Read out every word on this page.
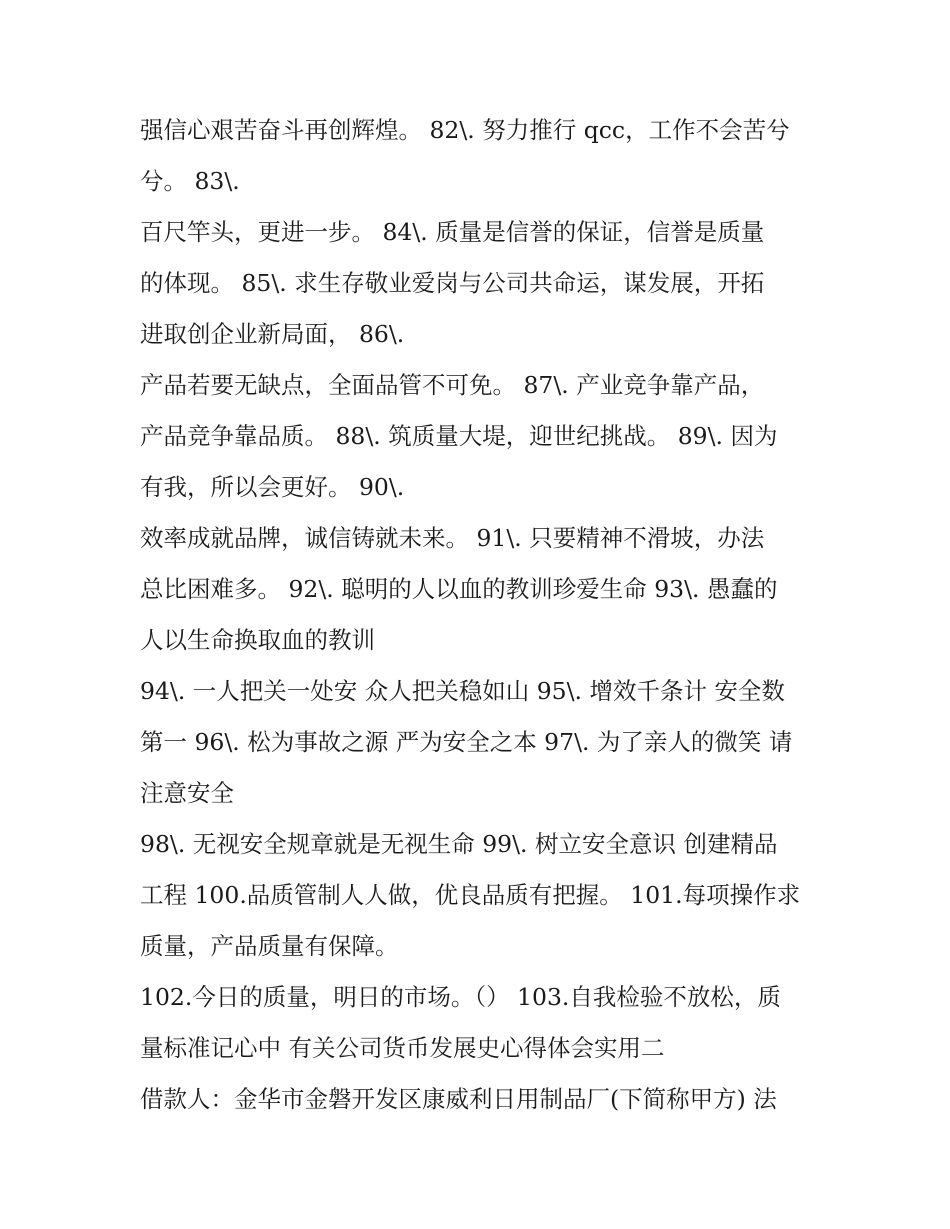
强信心艰苦奋斗再创辉煌。 82\. 努力推行 qcc，工作不会苦兮
兮。 83\.
百尺竿头，更进一步。 84\. 质量是信誉的保证，信誉是质量
的体现。 85\. 求生存敬业爱岗与公司共命运，谋发展，开拓
进取创企业新局面， 86\.
产品若要无缺点，全面品管不可免。 87\. 产业竞争靠产品，
产品竞争靠品质。 88\. 筑质量大堤，迎世纪挑战。 89\. 因为
有我，所以会更好。 90\.
效率成就品牌，诚信铸就未来。 91\. 只要精神不滑坡，办法
总比困难多。 92\. 聪明的人以血的教训珍爱生命 93\. 愚蠢的
人以生命换取血的教训
94\. 一人把关一处安 众人把关稳如山 95\. 增效千条计 安全数
第一 96\. 松为事故之源 严为安全之本 97\. 为了亲人的微笑 请
注意安全
98\. 无视安全规章就是无视生命 99\. 树立安全意识 创建精品
工程 100.品质管制人人做，优良品质有把握。 101.每项操作求
质量，产品质量有保障。
102.今日的质量，明日的市场。（） 103.自我检验不放松，质
量标准记心中 有关公司货币发展史心得体会实用二
借款人：金华市金磐开发区康威利日用制品厂(下简称甲方) 法
